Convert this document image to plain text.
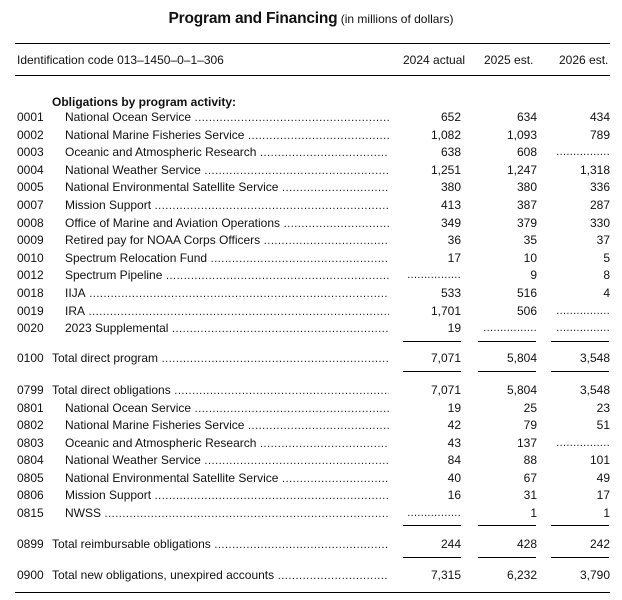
Program and Financing (in millions of dollars)
Identification code 013–1450–0–1–306	2024 actual 2025 est. 2026 est.
Obligations by program activity:
0001 National Ocean Service .....	652	634	434
0002 National Marine Fisheries Service .....	1,082	1,093	789
0003 Oceanic and Atmospheric Research .....	638	608	................
0004 National Weather Service .....	1,251	1,247	1,318
0005 National Environmental Satellite Service .....	380	380	336
0007 Mission Support .....	413	387	287
0008 Office of Marine and Aviation Operations .....	349	379	330
0009 Retired pay for NOAA Corps Officers .....	36	35	37
0010 Spectrum Relocation Fund .....	17	10	5
0012 Spectrum Pipeline .....	................	9	8
0018 IIJA .....	533	516	4
0019 IRA .....	1,701	506	................
0020 2023 Supplemental .....	19	................	................
0100 Total direct program .....	7,071	5,804	3,548
0799 Total direct obligations .....	7,071	5,804	3,548
0801 National Ocean Service .....	19	25	23
0802 National Marine Fisheries Service .....	42	79	51
0803 Oceanic and Atmospheric Research .....	43	137	................
0804 National Weather Service .....	84	88	101
0805 National Environmental Satellite Service .....	40	67	49
0806 Mission Support .....	16	31	17
0815 NWSS .....	................	1	1
0899 Total reimbursable obligations .....	244	428	242
0900 Total new obligations, unexpired accounts .....	7,315	6,232	3,790
